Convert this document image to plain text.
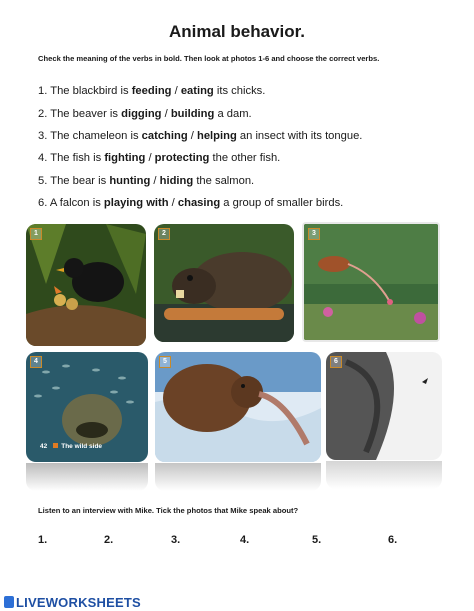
Animal behavior.
Check the meaning of the verbs in bold. Then look at photos 1-6 and choose the correct verbs.
1. The blackbird is feeding / eating its chicks.
2. The beaver is digging / building a dam.
3. The chameleon is catching / helping an insect with its tongue.
4. The fish is fighting / protecting the other fish.
5. The bear is hunting / hiding the salmon.
6. A falcon is playing with / chasing a group of smaller birds.
1	2	3
4	5	6
42 The wild side
Listen to an interview with Mike. Tick the photos that Mike speak about?
1.	2.	3.	4.	5.	6.
LIVEWORKSHEETS
